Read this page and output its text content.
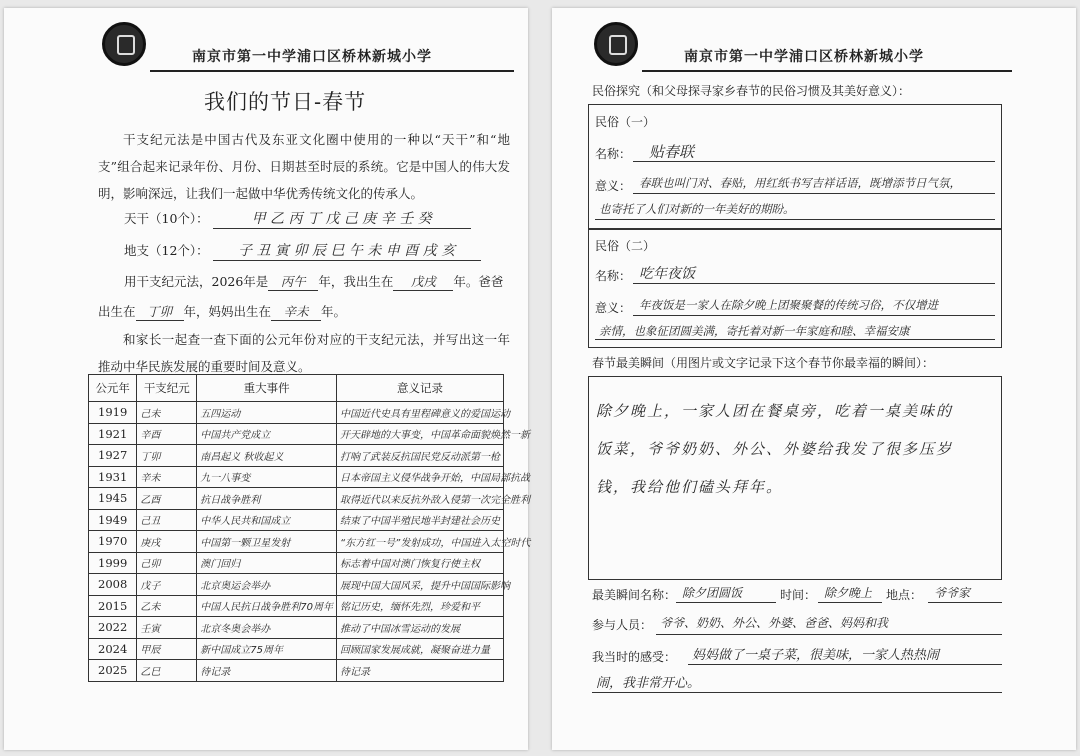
南京市第一中学浦口区桥林新城小学
我们的节日-春节
干支纪元法是中国古代及东亚文化圈中使用的一种以“天干”和“地支”组合起来记录年份、月份、日期甚至时辰的系统。它是中国人的伟大发明，影响深远，让我们一起做中华优秀传统文化的传承人。
天干（10个）：	甲 乙 丙 丁 戊 己 庚 辛 壬 癸
地支（12个）： 子 丑 寅 卯 辰 巳 午 未 申 酉 戌 亥
用干支纪元法，2026年是 丙午 年，我出生在 戊戌 年。爸爸
出生在 丁卯 年，妈妈出生在 辛未 年。
和家长一起查一查下面的公元年份对应的干支纪元法，并写出这一年推动中华民族发展的重要时间及意义。
公元年	干支纪元	重大事件	意义记录
1919	己未	五四运动	中国近代史具有里程碑意义的爱国运动
1921	辛酉	中国共产党成立	开天辟地的大事变，中国革命面貌焕然一新
1927	丁卯	南昌起义 秋收起义	打响了武装反抗国民党反动派第一枪
1931	辛未	九一八事变	日本帝国主义侵华战争开始，中国局部抗战
1945	乙酉	抗日战争胜利	取得近代以来反抗外敌入侵第一次完全胜利
1949	己丑	中华人民共和国成立	结束了中国半殖民地半封建社会历史
1970	庚戌	中国第一颗卫星发射	“东方红一号”发射成功，中国进入太空时代
1999	己卯	澳门回归	标志着中国对澳门恢复行使主权
2008	戊子	北京奥运会举办	展现中国大国风采，提升中国国际影响
2015	乙未	中国人民抗日战争胜利70周年	铭记历史，缅怀先烈，珍爱和平
2022	壬寅	北京冬奥会举办	推动了中国冰雪运动的发展
2024	甲辰	新中国成立75周年	回顾国家发展成就，凝聚奋进力量
2025	乙巳	待记录	待记录
南京市第一中学浦口区桥林新城小学
民俗探究（和父母探寻家乡春节的民俗习惯及其美好意义）：
民俗（一）
名称： 贴春联
意义： 春联也叫门对、春贴，用红纸书写吉祥话语，既增添节日气氛，
也寄托了人们对新的一年美好的期盼。
民俗（二）
名称： 吃年夜饭
意义： 年夜饭是一家人在除夕晚上团聚聚餐的传统习俗，不仅增进
亲情，也象征团圆美满，寄托着对新一年家庭和睦、幸福安康
春节最美瞬间（用图片或文字记录下这个春节你最幸福的瞬间）：
除夕晚上，一家人团在餐桌旁，吃着一桌美味的饭菜，爷爷奶奶、外公、外婆给我发了很多压岁钱，我给他们磕头拜年。
最美瞬间名称： 除夕团圆饭	时间： 除夕晚上 地点： 爷爷家
参与人员： 爷爷、奶奶、外公、外婆、爸爸、妈妈和我
我当时的感受： 妈妈做了一桌子菜，很美味，一家人热热闹
闹，我非常开心。
